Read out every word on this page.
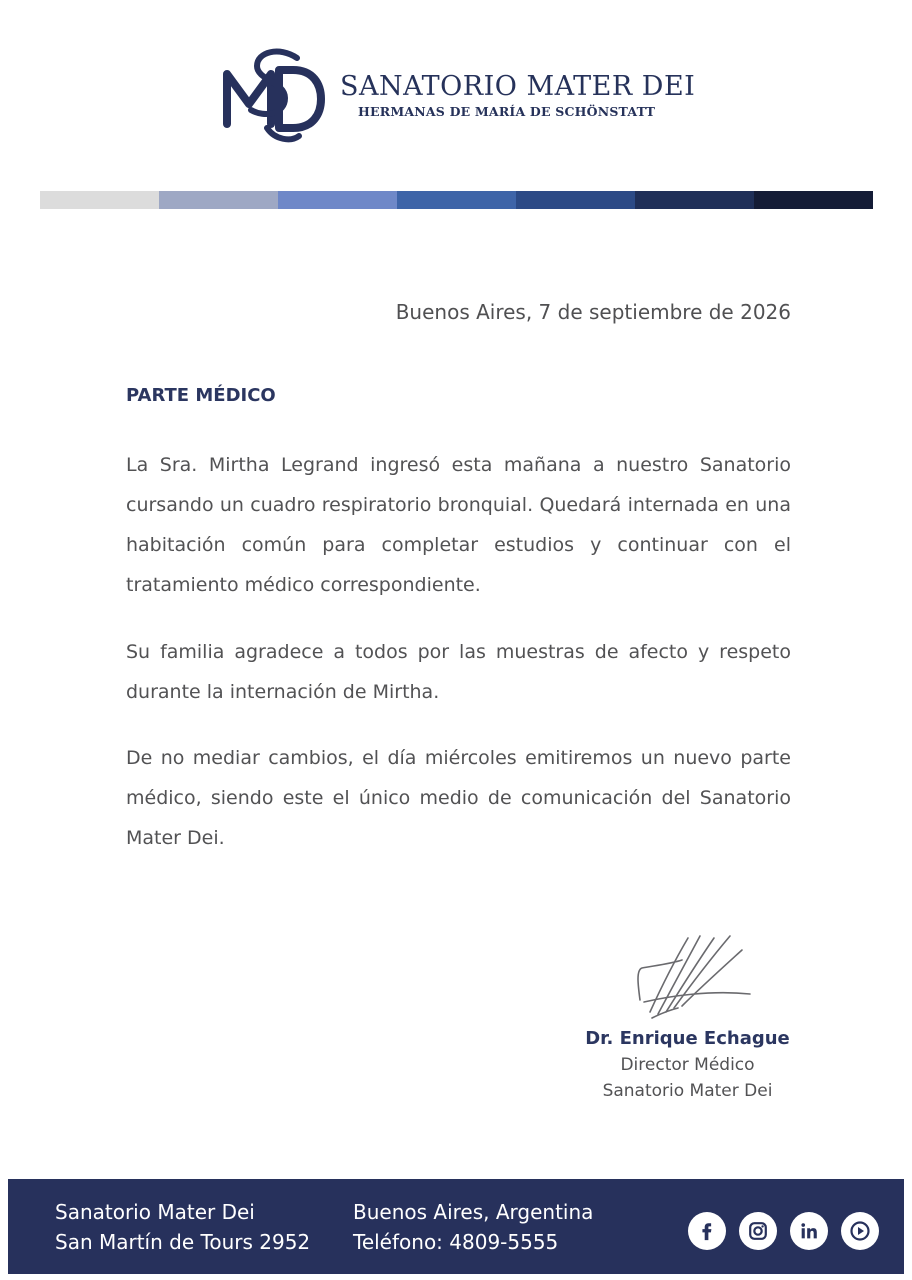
SANATORIO MATER DEI
HERMANAS DE MARÍA DE SCHÖNSTATT
Buenos Aires, 7 de septiembre de 2026
PARTE MÉDICO
La Sra. Mirtha Legrand ingresó esta mañana a nuestro Sanatorio cursando un cuadro respiratorio bronquial. Quedará internada en una habitación común para completar estudios y continuar con el tratamiento médico correspondiente.
Su familia agradece a todos por las muestras de afecto y respeto durante la internación de Mirtha.
De no mediar cambios, el día miércoles emitiremos un nuevo parte médico, siendo este el único medio de comunicación del Sanatorio Mater Dei.
Dr. Enrique Echague
Director Médico
Sanatorio Mater Dei
Sanatorio Mater Dei
San Martín de Tours 2952
Buenos Aires, Argentina
Teléfono: 4809-5555
